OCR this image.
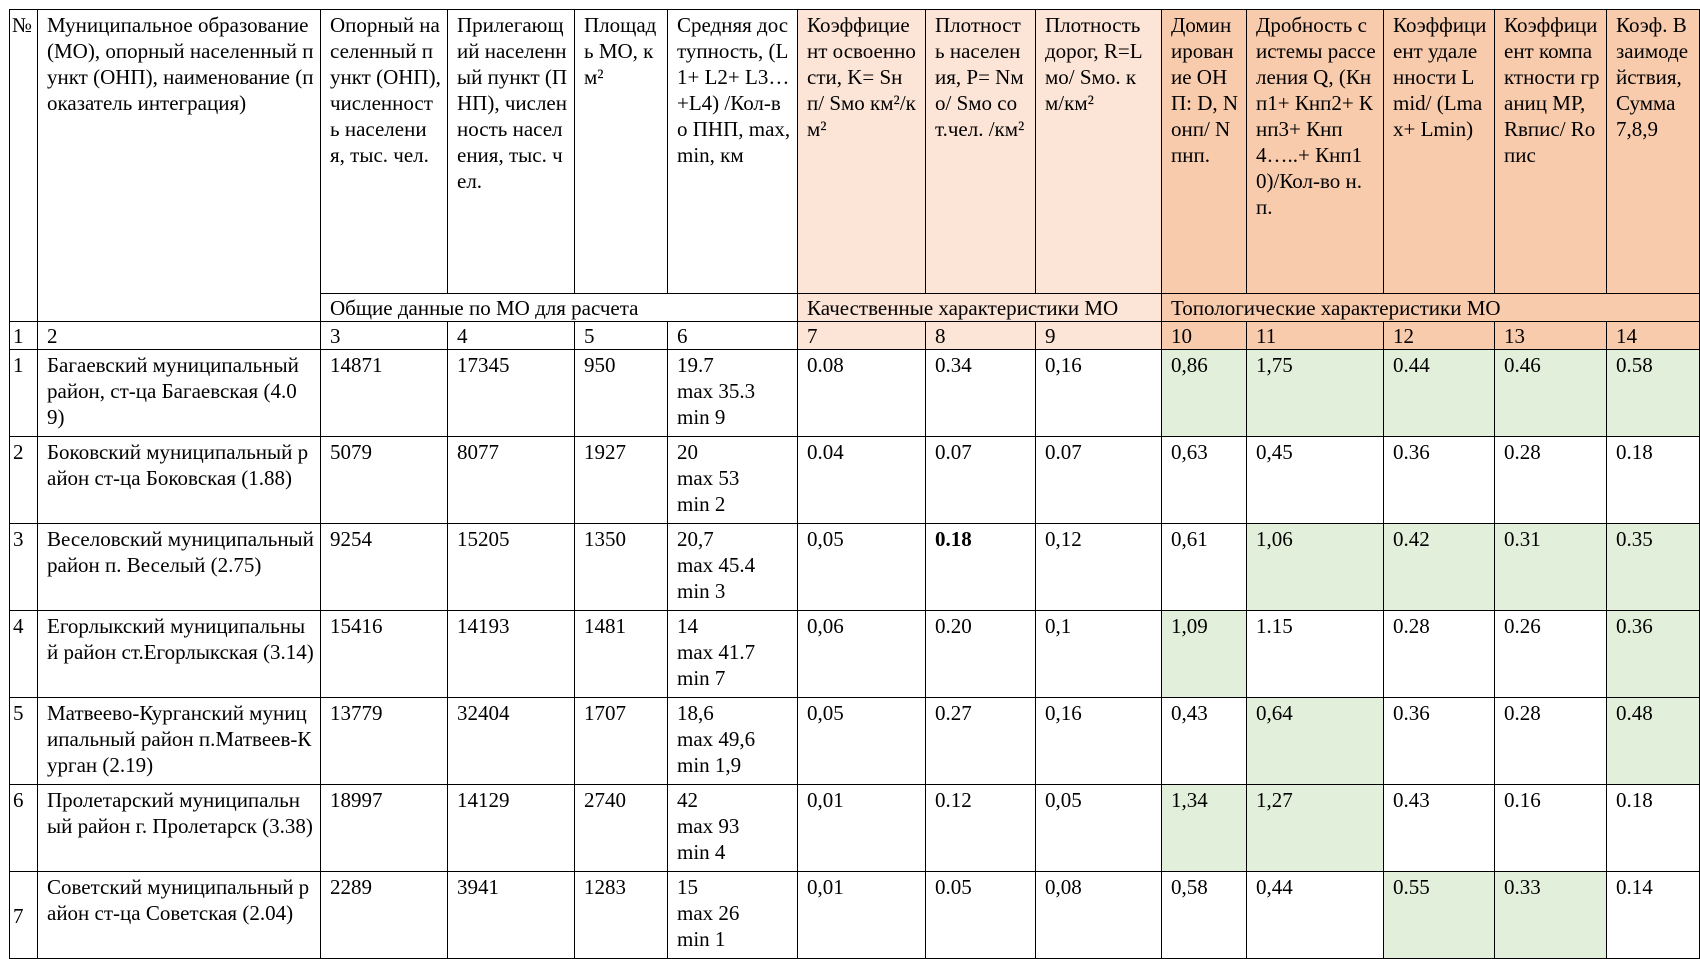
№	Муниципальное образование (МО), опорный населенный пункт (ОНП), наименование (показатель интеграция)	Опорный населенный пункт (ОНП), численность населения, тыс. чел.	Прилегающий населенный пункт (ПНП), численность населения, тыс. чел.	Площадь МО, км²	Средняя доступность, (L1+ L2+ L3…+L4) /Кол-во ПНП, max, min, км	Коэффициент освоенности, K= Sнп/ Sмо км²/км²	Плотность населения, P= Nмо/ Sмо сот.чел. /км²	Плотность дорог, R=Lмо/ Sмо. км/км²	Доминирование ОНП: D, Nонп/ Nпнп.	Дробность системы расселения Q, (Кнп1+ Кнп2+ Кнп3+ Кнп4…..+ Кнп10)/Кол-во н.п.	Коэффициент удаленности Lmid/ (Lmax+ Lmin)	Коэффициент компактности границ МР, Rвпис/ Rопис	Коэф. Взаимодействия, Сумма 7,8,9
		Общие данные по МО для расчета				Качественные характеристики МО			Топологические характеристики МО				
1	2	3	4	5	6	7	8	9	10	11	12	13	14
1	Багаевский муниципальный район, ст-ца Багаевская (4.09)	14871	17345	950	19.7
max 35.3
min 9	0.08	0.34	0,16	0,86	1,75	0.44	0.46	0.58
2	Боковский муниципальный район ст-ца Боковская (1.88)	5079	8077	1927	20
max 53
min 2	0.04	0.07	0.07	0,63	0,45	0.36	0.28	0.18
3	Веселовский муниципальный район п. Веселый (2.75)	9254	15205	1350	20,7
max 45.4
min 3	0,05	0.18	0,12	0,61	1,06	0.42	0.31	0.35
4	Егорлыкский муниципальный район ст.Егорлыкская (3.14)	15416	14193	1481	14
max 41.7
min 7	0,06	0.20	0,1	1,09	1.15	0.28	0.26	0.36
5	Матвеево-Курганский муниципальный район п.Матвеев-Курган (2.19)	13779	32404	1707	18,6
max 49,6
min 1,9	0,05	0.27	0,16	0,43	0,64	0.36	0.28	0.48
6	Пролетарский муниципальный район г. Пролетарск (3.38)	18997	14129	2740	42
max 93
min 4	0,01	0.12	0,05	1,34	1,27	0.43	0.16	0.18
7	Советский муниципальный район ст-ца Советская (2.04)	2289	3941	1283	15
max 26
min 1	0,01	0.05	0,08	0,58	0,44	0.55	0.33	0.14
